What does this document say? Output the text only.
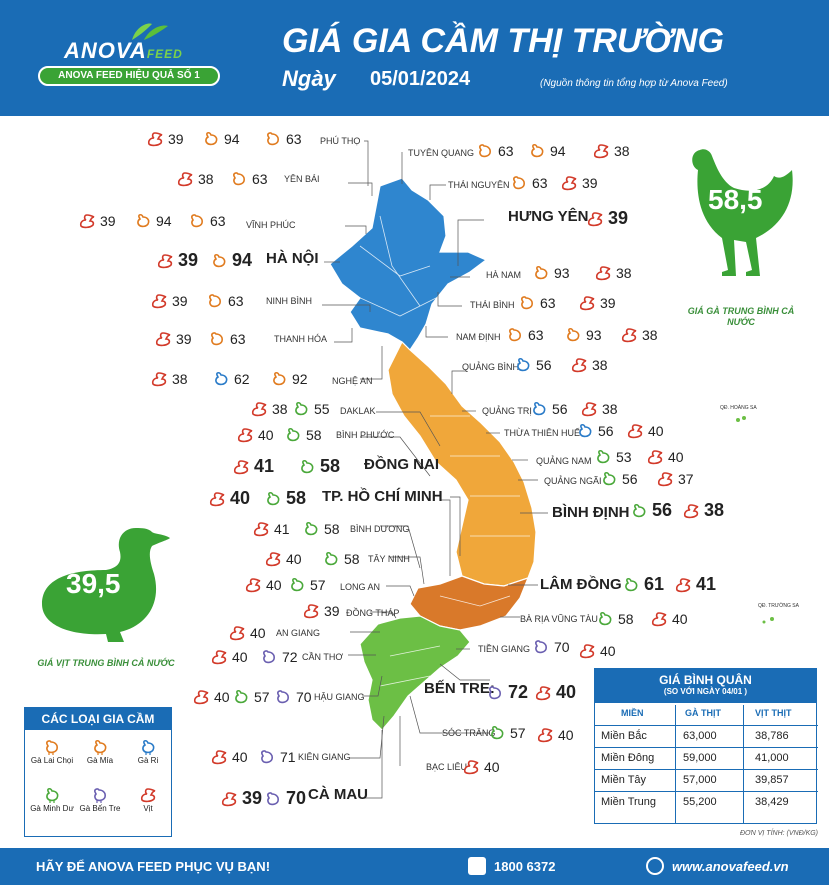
ANOVAFEED
ANOVA FEED HIỆU QUẢ SỐ 1
GIÁ GIA CẦM THỊ TRƯỜNG
Ngày 05/01/2024	(Nguồn thông tin tổng hợp từ Anova Feed)
58,5
GIÁ GÀ TRUNG BÌNH CẢ NƯỚC
39,5
GIÁ VỊT TRUNG BÌNH CẢ NƯỚC
QĐ. HOÀNG SA
QĐ. TRƯỜNG SA
PHÚ THỌ
39	94	63
YÊN BÁI
38	63
VĨNH PHÚC
39	94	63
HÀ NỘI
39 94
NINH BÌNH
39	63
THANH HÓA
39	63
NGHỆ AN
38	62	92
TUYÊN QUANG 63	94	38
THÁI NGUYÊN 63 39
HƯNG YÊN 39
HÀ NAM 93	38
THÁI BÌNH 63	39
NAM ĐỊNH 63	93	38
QUẢNG BÌNH 56	38
QUẢNG TRỊ 56 38
THỪA THIÊN HUẾ 56 40
QUẢNG NAM 53	40
QUẢNG NGÃI 56	37
BÌNH ĐỊNH 56 38
LÂM ĐỒNG 61 41
BÀ RỊA VŨNG TÀU 58	40
DAKLAK
38 55
BÌNH PHƯỚC
40 58
ĐỒNG NAI
41	58
TP. HỒ CHÍ MINH
40 58
BÌNH DƯƠNG
41 58
TÂY NINH
40	58
LONG AN
40 57
ĐỒNG THÁP
39
AN GIANG
40
CẦN THƠ
40 72
HẬU GIANG
40 57 70
TIỀN GIANG 70 40
BẾN TRE: 72 40
SÓC TRĂNG 57 40
KIÊN GIANG
40 71
BẠC LIÊU 40
CÀ MAU
39 70
CÁC LOẠI GIA CẦM
Gà Lai Chọi	Gà Mía	Gà Ri
Gà Minh Dư Gà Bến Tre	Vịt
GIÁ BÌNH QUÂN
(SO VỚI NGÀY 04/01 )
MIỀN	GÀ THỊT	VỊT THỊT
Miền Bắc	63,000	38,786
Miền Đông	59,000	41,000
Miền Tây	57,000	39,857
Miền Trung 55,200	38,429
ĐƠN VỊ TÍNH: (VNĐ/KG)
HÃY ĐỂ ANOVA FEED PHỤC VỤ BẠN!	1800 6372	www.anovafeed.vn
